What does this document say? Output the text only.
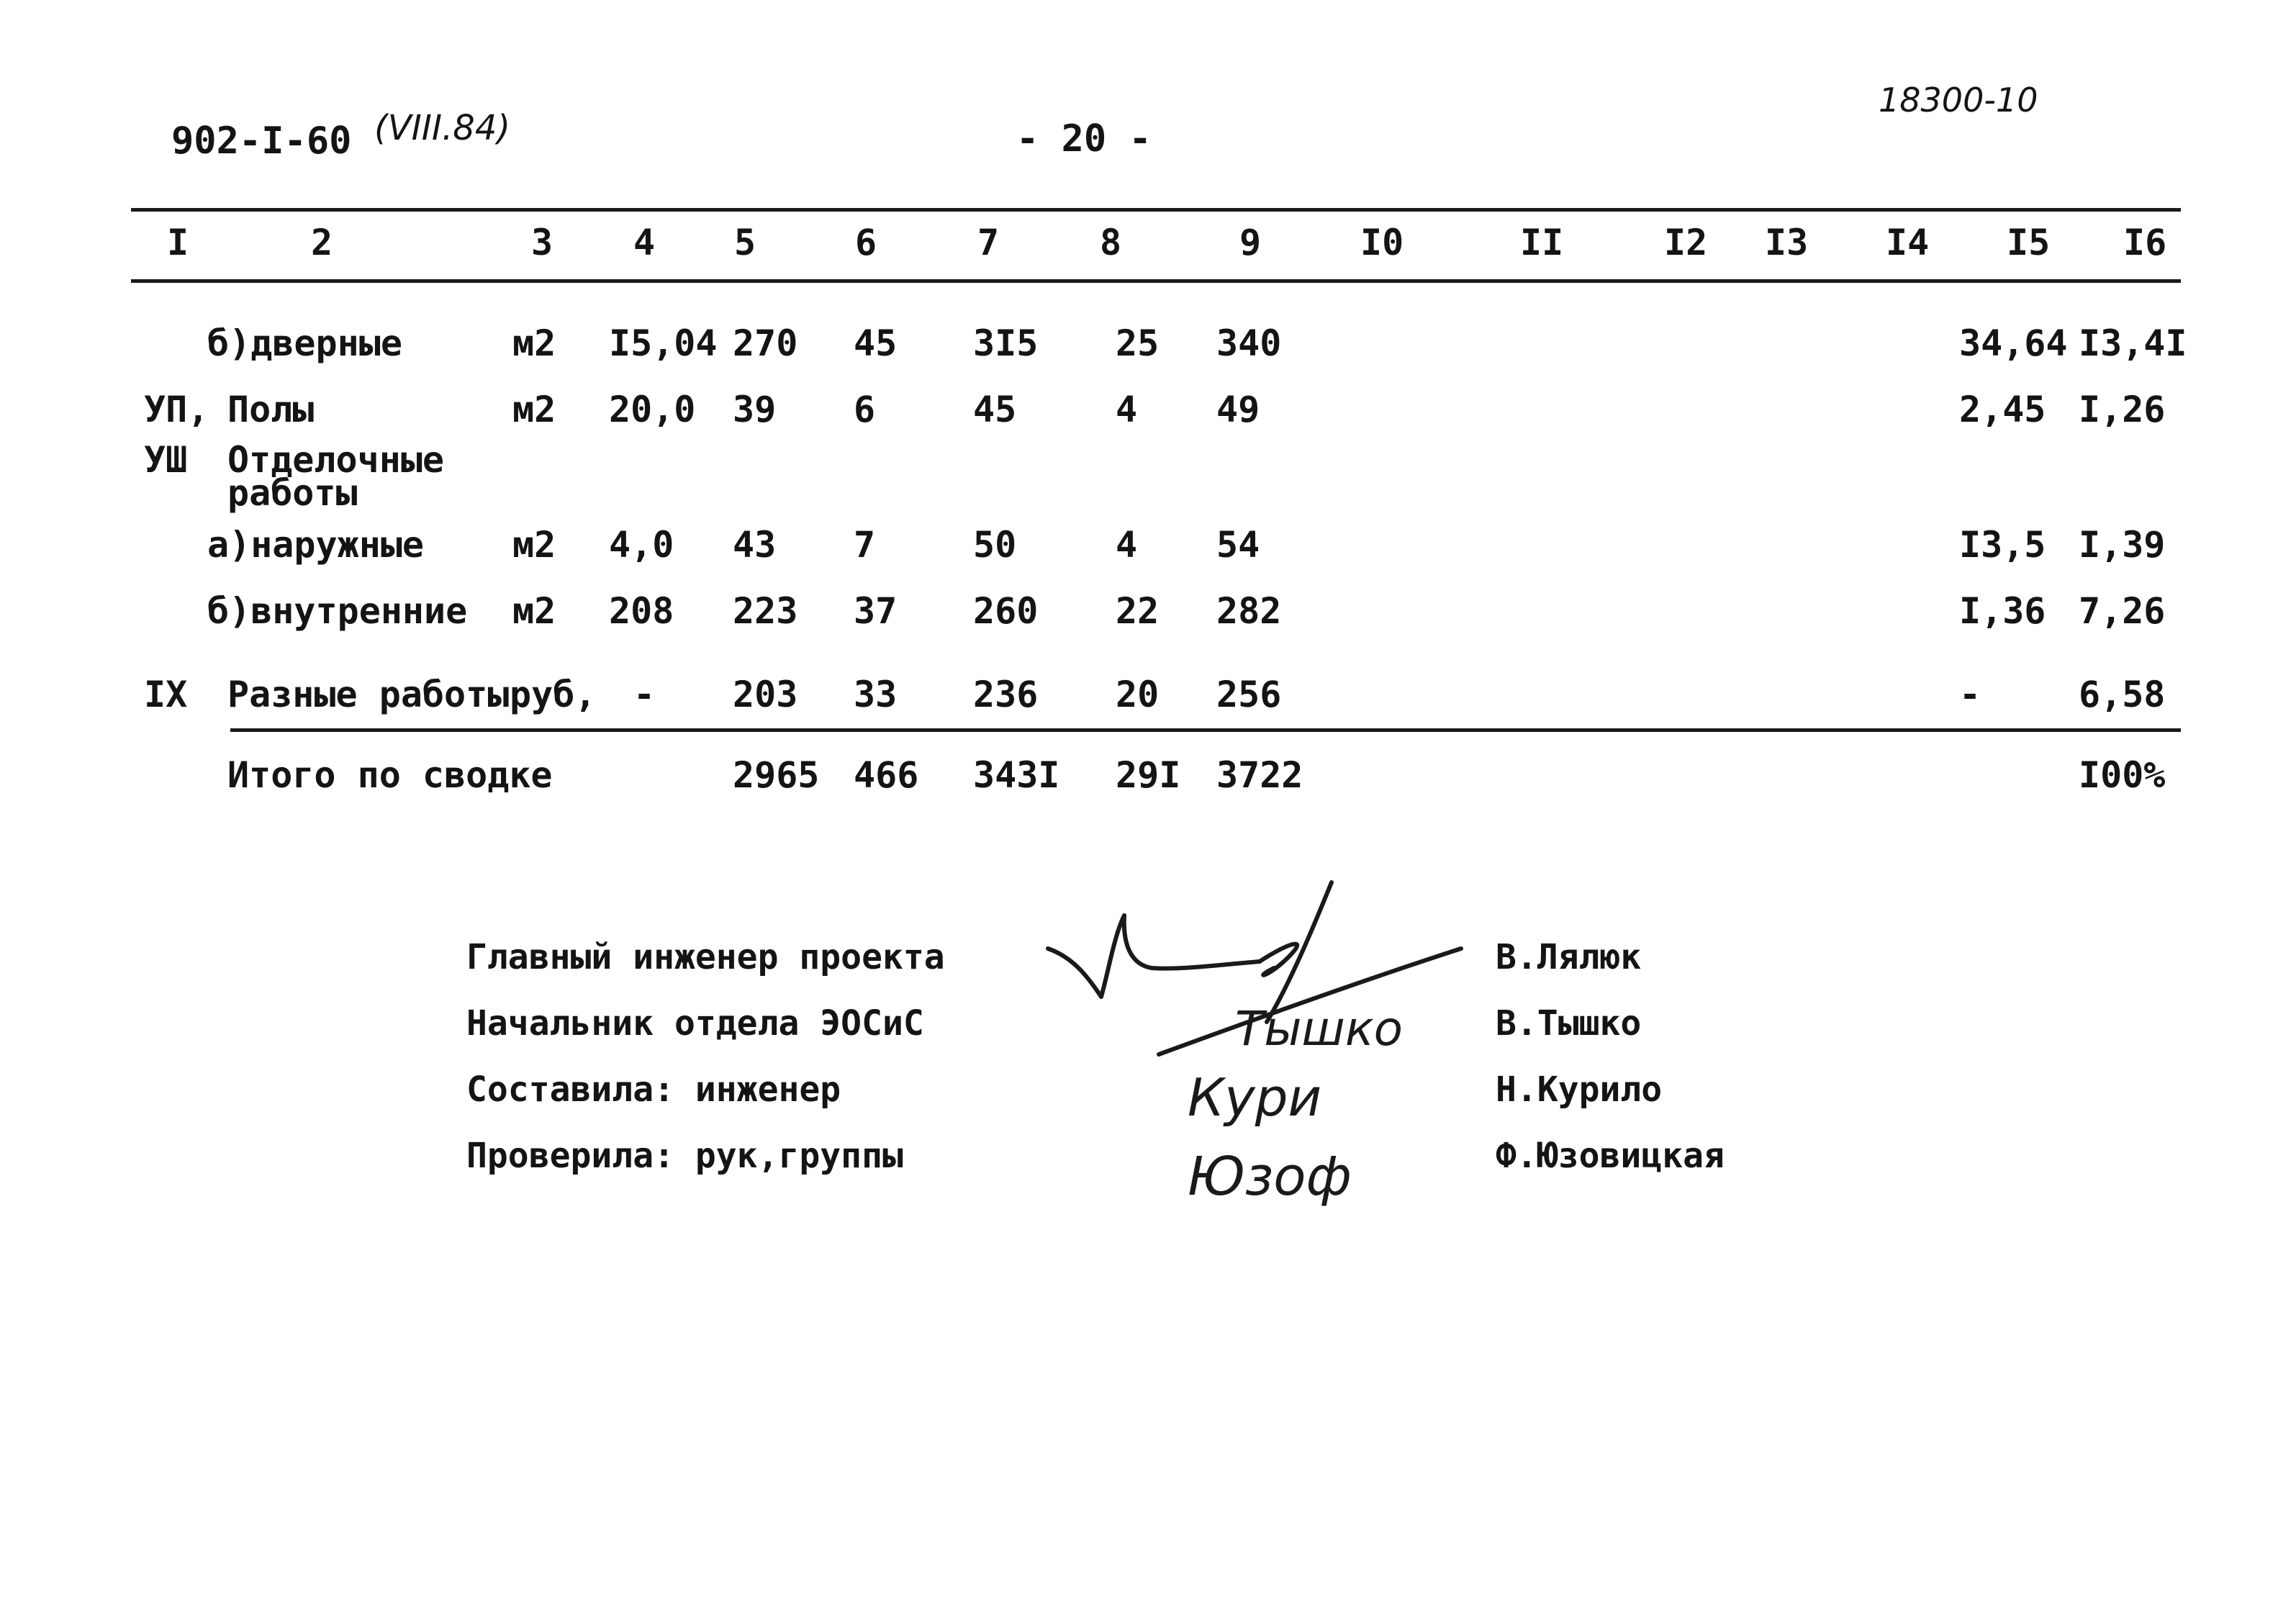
902-I-60 (VIII.84)	- 20 -
18300-10
I	2	3 4 5	6	7	8	9	I0	II	I2 I3 I4 I5 I6
б)дверные	м2 I5,04 270 45 3I5 25 340	34,64 I3,4I
УП, Полы	м2 20,0 39 6	45	4 49	2,45 I,26
УШ Отделочные
работы
а)наружные м2 4,0 43 7	50	4 54	I3,5 I,39
б)внутренние м2 208 223 37 260 22 282	I,36 7,26
IX Разные работы руб, - 203 33 236 20 256	-	6,58
Итого по сводке	2965 466 343I 29I 3722	I00%
Главный инженер проекта
Начальник отдела ЭОСиС
Составила: инженер
Проверила: рук,группы
В.Лялюк
В.Тышко
Н.Курило
Ф.Юзовицкая
Тышко
Кури
Юзоф
